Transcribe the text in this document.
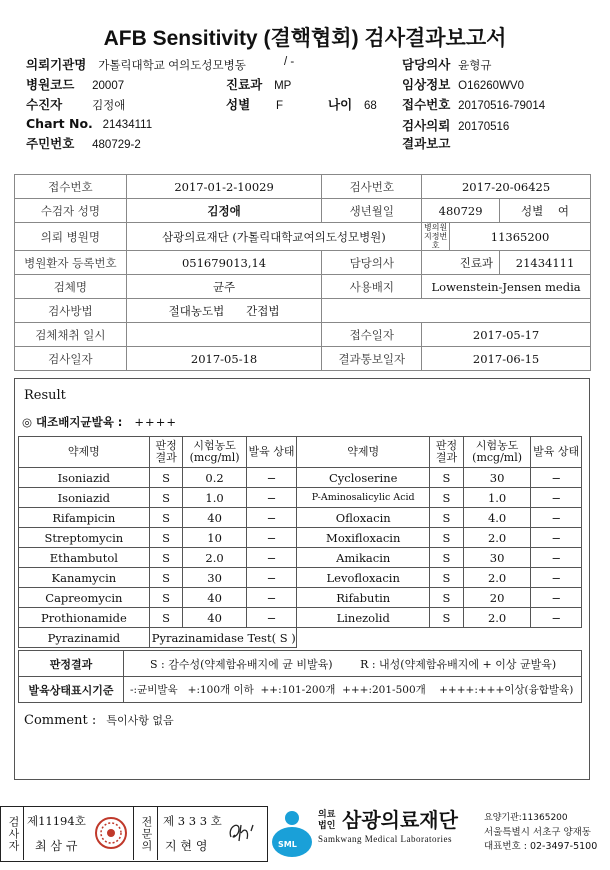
AFB Sensitivity (결핵협회) 검사결과보고서
의뢰기관명 가톨릭대학교 여의도성모병동	/ -
병원코드 20007	진료과 MP
수진자	김정애	성별 F	나이 68
Chart No. 21434111
주민번호 480729-2
담당의사 윤형규
임상정보 O16260WV0
접수번호 20170516-79014
검사의뢰 20170516
결과보고
접수번호	2017-01-2-10029	검사번호	2017-20-06425		
수검자 성명	김정애	생년월일	480729		성별 여
의뢰 병원명	삼광의료재단 (가톨릭대학교여의도성모병원)		병의원 지정번호	11365200	
병원환자 등록번호	051679013,14	담당의사	진료과		21434111
검체명	균주	사용배지	Lowenstein-Jensen media		
검사방법	절대농도법 간접법				
검체채취 일시		접수일자	2017-05-17		
검사일자	2017-05-18	결과통보일자	2017-06-15		
Result
◎ 대조배지균발육 : ++++
약제명	판정 결과	시험농도 (mcg/ml)	발육 상태	약제명	판정 결과	시험농도 (mcg/ml)	발육 상태
Isoniazid	S	0.2	−	Cycloserine	S	30	−
Isoniazid	S	1.0	−	P-Aminosalicylic Acid	S	1.0	−
Rifampicin	S	40	−	Ofloxacin	S	4.0	−
Streptomycin	S	10	−	Moxifloxacin	S	2.0	−
Ethambutol	S	2.0	−	Amikacin	S	30	−
Kanamycin	S	30	−	Levofloxacin	S	2.0	−
Capreomycin	S	40	−	Rifabutin	S	20	−
Prothionamide	S	40	−	Linezolid	S	2.0	−
Pyrazinamid	Pyrazinamidase Test( S )						
판정결과	S : 감수성(약제함유배지에 균 비발육) R : 내성(약제함유배지에 + 이상 균발육)
발육상태표시기준	-:균비발육   +:100개 이하  ++:101-200개  +++:201-500개    ++++:+++이상(융합발육)
Comment : 특이사항 없음
검사자 제11194호
최 삼 규	전문의 제 3 3 3 호
지 현 영	SML
의료 법인 삼광의료재단
Samkwang Medical Laboratories
요양기관:11365200
서울특별시 서초구 양재동
대표번호 : 02-3497-5100
